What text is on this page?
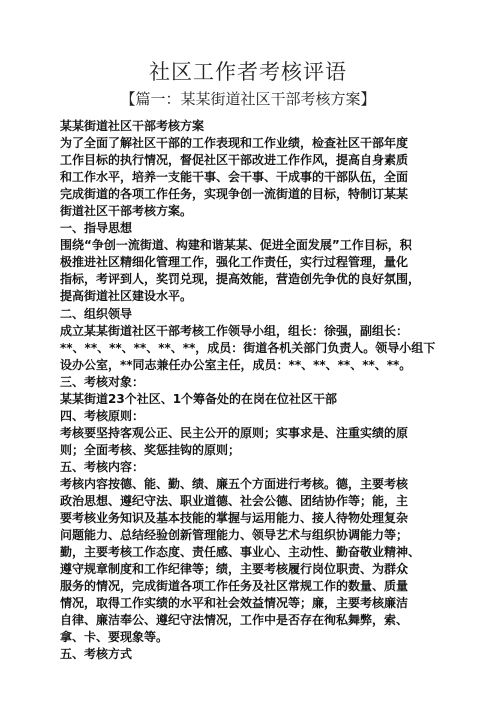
社区工作者考核评语
【篇一：某某街道社区干部考核方案】
某某街道社区干部考核方案
为了全面了解社区干部的工作表现和工作业绩，检查社区干部年度
工作目标的执行情况，督促社区干部改进工作作风，提高自身素质
和工作水平，培养一支能干事、会干事、干成事的干部队伍，全面
完成街道的各项工作任务，实现争创一流街道的目标，特制订某某
街道社区干部考核方案。
一、指导思想
围绕“争创一流街道、构建和谐某某、促进全面发展”工作目标，积
极推进社区精细化管理工作，强化工作责任，实行过程管理，量化
指标，考评到人，奖罚兑现，提高效能，营造创先争优的良好氛围，
提高街道社区建设水平。
二、组织领导
成立某某街道社区干部考核工作领导小组，组长：徐强，副组长：
**、**、**、**、**、**，成员：街道各机关部门负责人。领导小组下
设办公室，**同志兼任办公室主任，成员：**、**、**、**、**。
三、考核对象：
某某街道23个社区、1个筹备处的在岗在位社区干部
四、考核原则：
考核要坚持客观公正、民主公开的原则；实事求是、注重实绩的原
则；全面考核、奖惩挂钩的原则；
五、考核内容：
考核内容按德、能、勤、绩、廉五个方面进行考核。德，主要考核
政治思想、遵纪守法、职业道德、社会公德、团结协作等；能，主
要考核业务知识及基本技能的掌握与运用能力、接人待物处理复杂
问题能力、总结经验创新管理能力、领导艺术与组织协调能力等；
勤，主要考核工作态度、责任感、事业心、主动性、勤奋敬业精神、
遵守规章制度和工作纪律等；绩，主要考核履行岗位职责、为群众
服务的情况，完成街道各项工作任务及社区常规工作的数量、质量
情况，取得工作实绩的水平和社会效益情况等；廉，主要考核廉洁
自律、廉洁奉公、遵纪守法情况，工作中是否存在徇私舞弊，索、
拿、卡、要现象等。
五、考核方式
